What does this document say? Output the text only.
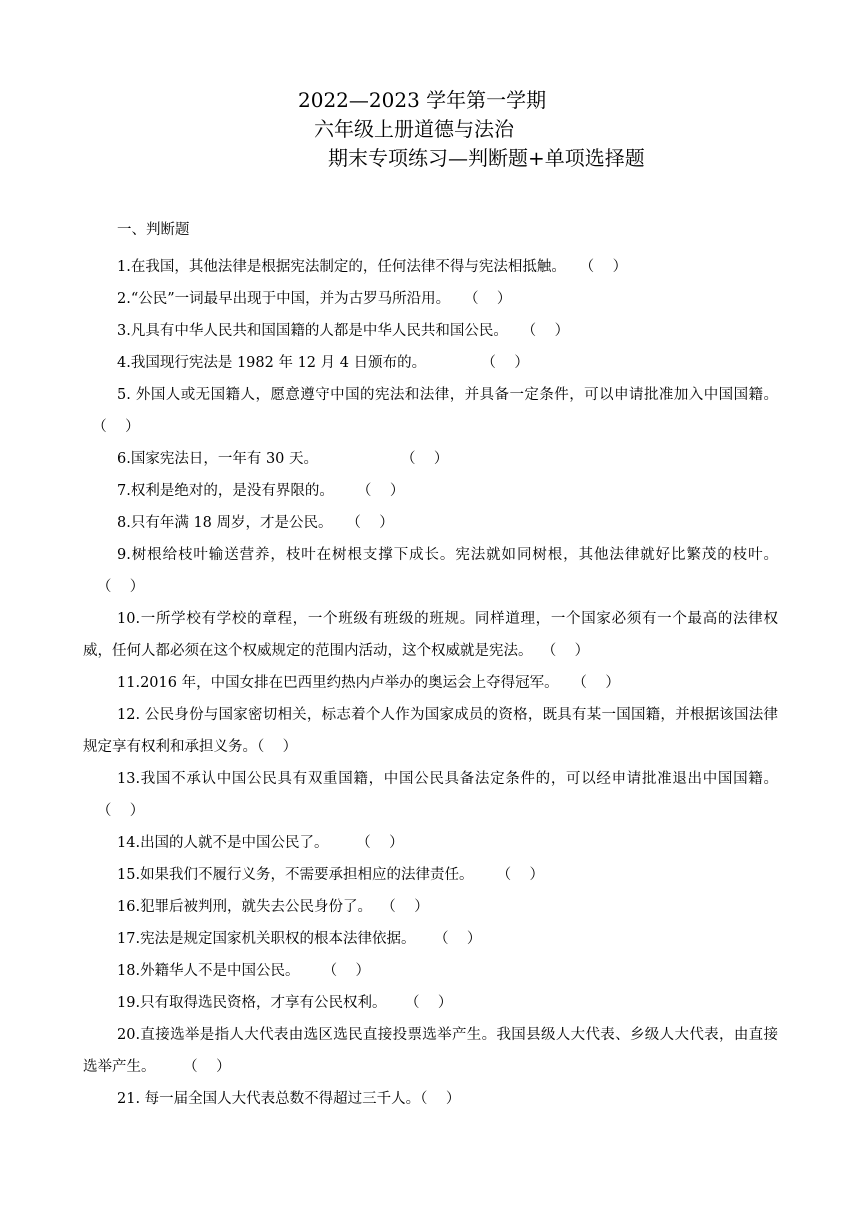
2022—2023 学年第一学期
六年级上册道德与法治
期末专项练习—判断题+单项选择题
一、判断题

1.在我国，其他法律是根据宪法制定的，任何法律不得与宪法相抵触。 （    ）

2.“公民”一词最早出现于中国，并为古罗马所沿用。 （    ）

3.凡具有中华人民共和国国籍的人都是中华人民共和国公民。 （    ）

4.我国现行宪法是 1982 年 12 月 4 日颁布的。	（    ）

5. 外国人或无国籍人，愿意遵守中国的宪法和法律，并具备一定条件，可以申请批准加入中国国籍。  （    ）

6.国家宪法日，一年有 30 天。	（    ）

7.权利是绝对的，是没有界限的。 （    ）

8.只有年满 18 周岁，才是公民。 （    ）

9.树根给枝叶输送营养，枝叶在树根支撑下成长。宪法就如同树根，其他法律就好比繁茂的枝叶。   （    ）

10.一所学校有学校的章程，一个班级有班级的班规。同样道理，一个国家必须有一个最高的法律权威，任何人都必须在这个权威规定的范围内活动，这个权威就是宪法。 （    ）

11.2016 年，中国女排在巴西里约热内卢举办的奥运会上夺得冠军。 （    ）

12. 公民身份与国家密切相关，标志着个人作为国家成员的资格，既具有某一国国籍，并根据该国法律规定享有权利和承担义务。（    ）

13.我国不承认中国公民具有双重国籍，中国公民具备法定条件的，可以经申请批准退出中国国籍。   （    ）

14.出国的人就不是中国公民了。 （    ）

15.如果我们不履行义务，不需要承担相应的法律责任。 （    ）

16.犯罪后被判刑，就失去公民身份了。 （    ）

17.宪法是规定国家机关职权的根本法律依据。 （    ）

18.外籍华人不是中国公民。 （    ）

19.只有取得选民资格，才享有公民权利。 （    ）

20.直接选举是指人大代表由选区选民直接投票选举产生。我国县级人大代表、乡级人大代表，由直接选举产生。 （    ）

21. 每一届全国人大代表总数不得超过三千人。（    ）
